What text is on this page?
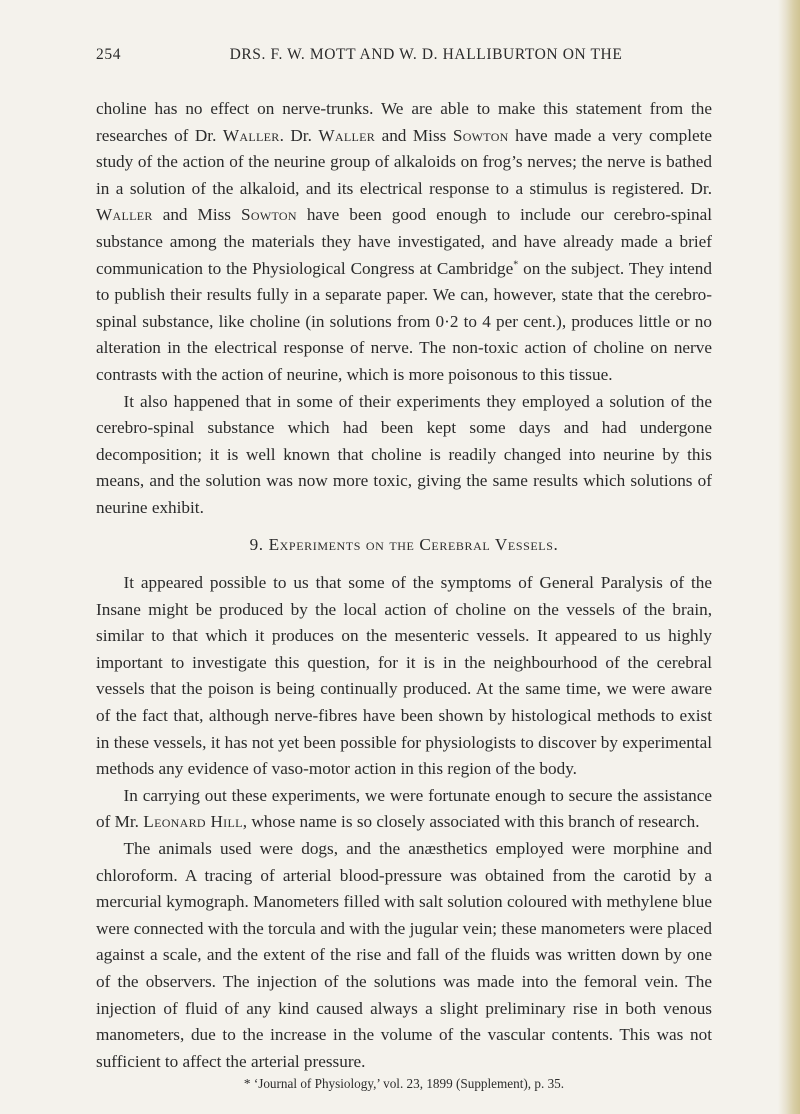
254	DRS. F. W. MOTT AND W. D. HALLIBURTON ON THE

choline has no effect on nerve-trunks. We are able to make this statement from the researches of Dr. Waller. Dr. Waller and Miss Sowton have made a very complete study of the action of the neurine group of alkaloids on frog’s nerves; the nerve is bathed in a solution of the alkaloid, and its electrical response to a stimulus is registered. Dr. Waller and Miss Sowton have been good enough to include our cerebro-spinal substance among the materials they have investigated, and have already made a brief communication to the Physiological Congress at Cambridge* on the subject. They intend to publish their results fully in a separate paper. We can, however, state that the cerebro-spinal substance, like choline (in solutions from 0·2 to 4 per cent.), produces little or no alteration in the electrical response of nerve. The non-toxic action of choline on nerve contrasts with the action of neurine, which is more poisonous to this tissue.

It also happened that in some of their experiments they employed a solution of the cerebro-spinal substance which had been kept some days and had undergone decomposition; it is well known that choline is readily changed into neurine by this means, and the solution was now more toxic, giving the same results which solutions of neurine exhibit.

9. Experiments on the Cerebral Vessels.

It appeared possible to us that some of the symptoms of General Paralysis of the Insane might be produced by the local action of choline on the vessels of the brain, similar to that which it produces on the mesenteric vessels. It appeared to us highly important to investigate this question, for it is in the neighbourhood of the cerebral vessels that the poison is being continually produced. At the same time, we were aware of the fact that, although nerve-fibres have been shown by histological methods to exist in these vessels, it has not yet been possible for physiologists to discover by experimental methods any evidence of vaso-motor action in this region of the body.

In carrying out these experiments, we were fortunate enough to secure the assistance of Mr. Leonard Hill, whose name is so closely associated with this branch of research.

The animals used were dogs, and the anæsthetics employed were morphine and chloroform. A tracing of arterial blood-pressure was obtained from the carotid by a mercurial kymograph. Manometers filled with salt solution coloured with methylene blue were connected with the torcula and with the jugular vein; these manometers were placed against a scale, and the extent of the rise and fall of the fluids was written down by one of the observers. The injection of the solutions was made into the femoral vein. The injection of fluid of any kind caused always a slight preliminary rise in both venous manometers, due to the increase in the volume of the vascular contents. This was not sufficient to affect the arterial pressure.

* ‘Journal of Physiology,’ vol. 23, 1899 (Supplement), p. 35.
